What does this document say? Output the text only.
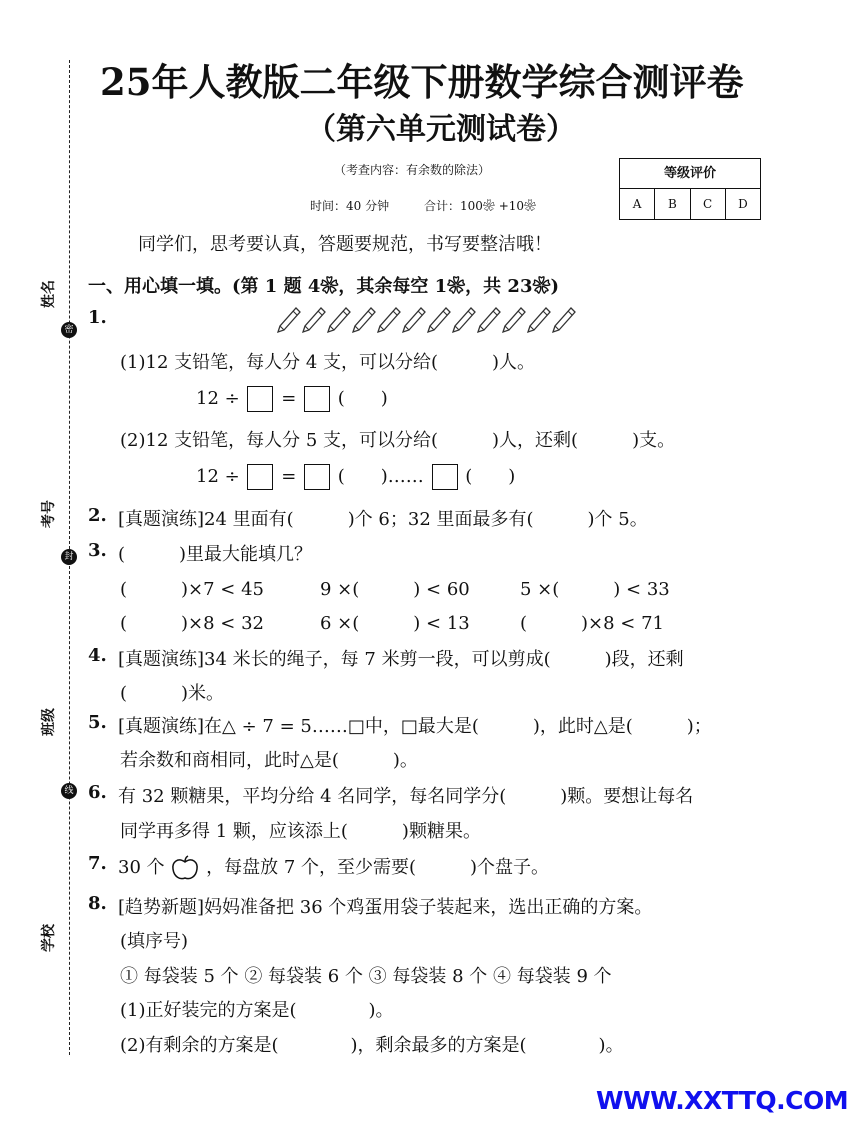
25年人教版二年级下册数学综合测评卷
（第六单元测试卷）
（考查内容：有余数的除法）
时间：40 分钟	合计：100❀ +10❀
等级评价
A	B	C	D
姓名
考号
班级
学校
密
封
线
同学们，思考要认真，答题要规范，书写要整洁哦！
一、用心填一填。(第 1 题 4❀，其余每空 1❀，共 23❀)
1.
(1)12 支铅笔，每人分 4 支，可以分给(　　　)人。
12 ÷ = (　　)
(2)12 支铅笔，每人分 5 支，可以分给(　　　)人，还剩(　　　)支。
12 ÷ = (　　)…… (　　)
2. [真题演练]24 里面有(　　　)个 6；32 里面最多有(　　　)个 5。
3. (　　　)里最大能填几？
(　　　)×7 < 45	9 ×(　　　) < 60	5 ×(　　　) < 33
(　　　)×8 < 32	6 ×(　　　) < 13	(　　　)×8 < 71
4. [真题演练]34 米长的绳子，每 7 米剪一段，可以剪成(　　　)段，还剩
(　　　)米。
5. [真题演练]在△ ÷ 7 = 5……□中，□最大是(　　　)，此时△是(　　　)；
若余数和商相同，此时△是(　　　)。
6. 有 32 颗糖果，平均分给 4 名同学，每名同学分(　　　)颗。要想让每名
同学再多得 1 颗，应该添上(　　　)颗糖果。
7. 30 个 ，每盘放 7 个，至少需要(　　　)个盘子。
8. [趋势新题]妈妈准备把 36 个鸡蛋用袋子装起来，选出正确的方案。
(填序号)
① 每袋装 5 个 ② 每袋装 6 个 ③ 每袋装 8 个 ④ 每袋装 9 个
(1)正好装完的方案是(　　　　)。
(2)有剩余的方案是(　　　　)，剩余最多的方案是(　　　　)。
WWW.XXTTQ.COM
